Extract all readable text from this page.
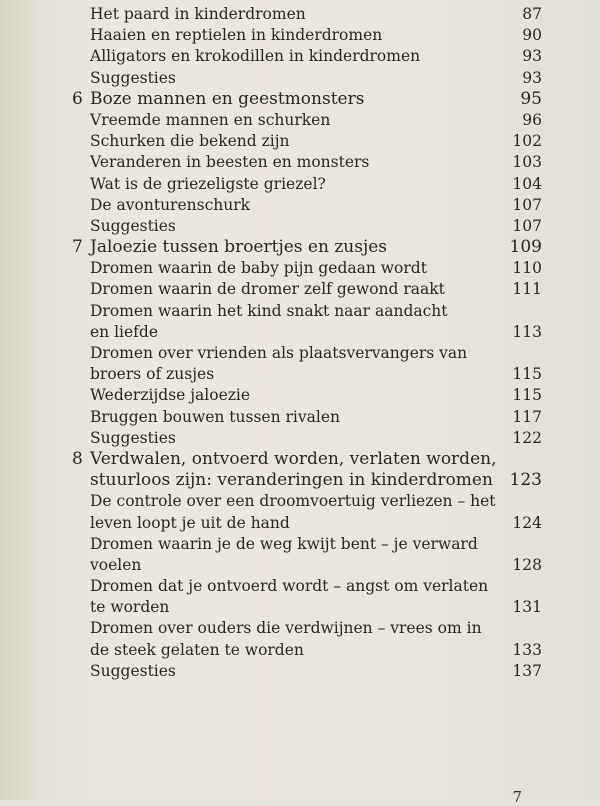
Het paard in kinderdromen	87
Haaien en reptielen in kinderdromen	90
Alligators en krokodillen in kinderdromen	93
Suggesties	93
6 Boze mannen en geestmonsters	95
Vreemde mannen en schurken	96
Schurken die bekend zijn	102
Veranderen in beesten en monsters	103
Wat is de griezeligste griezel?	104
De avonturenschurk	107
Suggesties	107
7 Jaloezie tussen broertjes en zusjes	109
Dromen waarin de baby pijn gedaan wordt	110
Dromen waarin de dromer zelf gewond raakt	111
Dromen waarin het kind snakt naar aandacht
en liefde	113
Dromen over vrienden als plaatsvervangers van
broers of zusjes	115
Wederzijdse jaloezie	115
Bruggen bouwen tussen rivalen	117
Suggesties	122
8 Verdwalen, ontvoerd worden, verlaten worden,
stuurloos zijn: veranderingen in kinderdromen 123
De controle over een droomvoertuig verliezen – het
leven loopt je uit de hand	124
Dromen waarin je de weg kwijt bent – je verward
voelen	128
Dromen dat je ontvoerd wordt – angst om verlaten
te worden	131
Dromen over ouders die verdwijnen – vrees om in
de steek gelaten te worden	133
Suggesties	137
7
